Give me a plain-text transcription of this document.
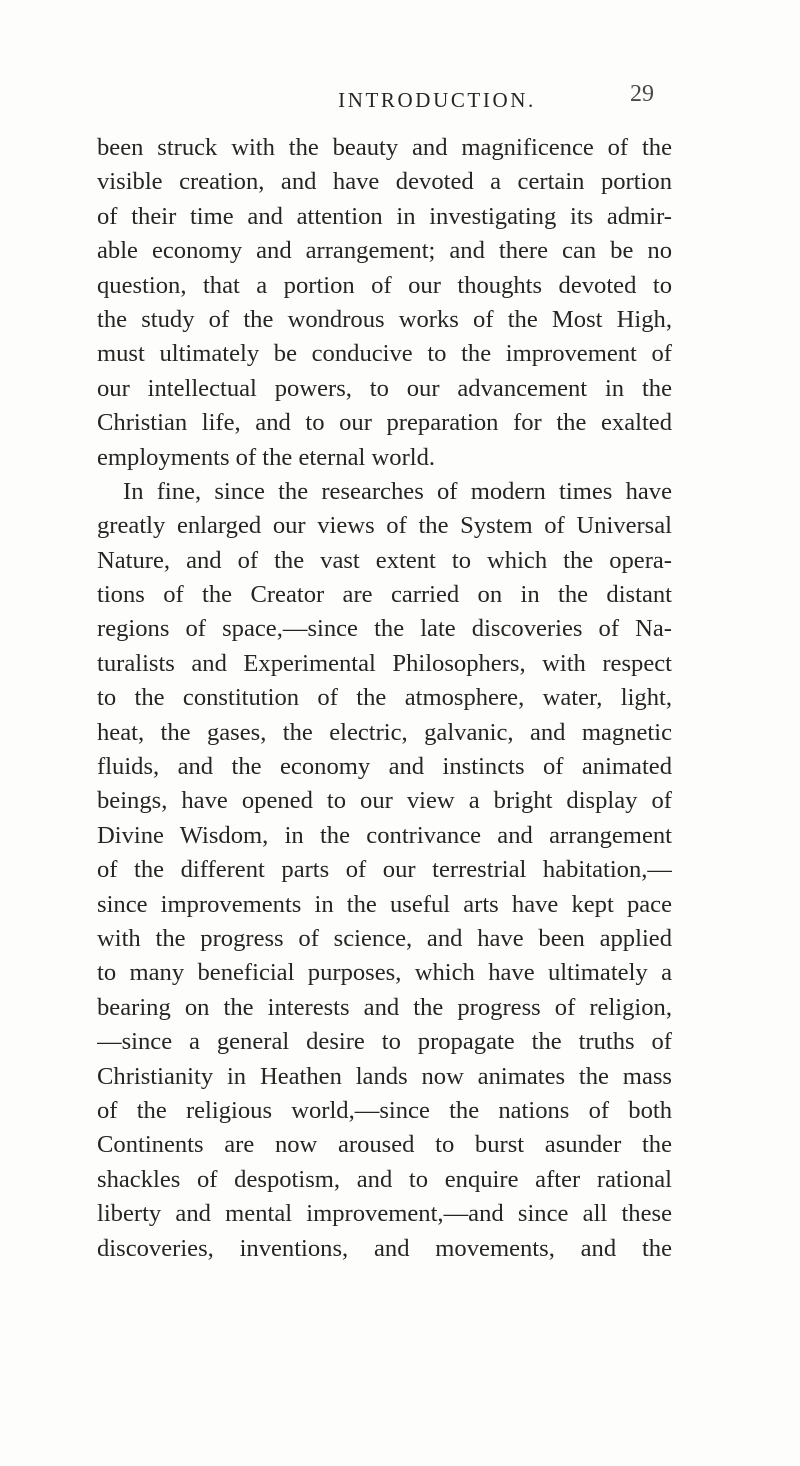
INTRODUCTION.	29
been struck with the beauty and magnificence of the
visible creation, and have devoted a certain portion
of their time and attention in investigating its admir-
able economy and arrangement; and there can be no
question, that a portion of our thoughts devoted to
the study of the wondrous works of the Most High,
must ultimately be conducive to the improvement of
our intellectual powers, to our advancement in the
Christian life, and to our preparation for the exalted
employments of the eternal world.
In fine, since the researches of modern times have
greatly enlarged our views of the System of Universal
Nature, and of the vast extent to which the opera-
tions of the Creator are carried on in the distant
regions of space,—since the late discoveries of Na-
turalists and Experimental Philosophers, with respect
to the constitution of the atmosphere, water, light,
heat, the gases, the electric, galvanic, and magnetic
fluids, and the economy and instincts of animated
beings, have opened to our view a bright display of
Divine Wisdom, in the contrivance and arrangement
of the different parts of our terrestrial habitation,—
since improvements in the useful arts have kept pace
with the progress of science, and have been applied
to many beneficial purposes, which have ultimately a
bearing on the interests and the progress of religion,
—since a general desire to propagate the truths of
Christianity in Heathen lands now animates the mass
of the religious world,—since the nations of both
Continents are now aroused to burst asunder the
shackles of despotism, and to enquire after rational
liberty and mental improvement,—and since all these
discoveries, inventions, and movements, and the
